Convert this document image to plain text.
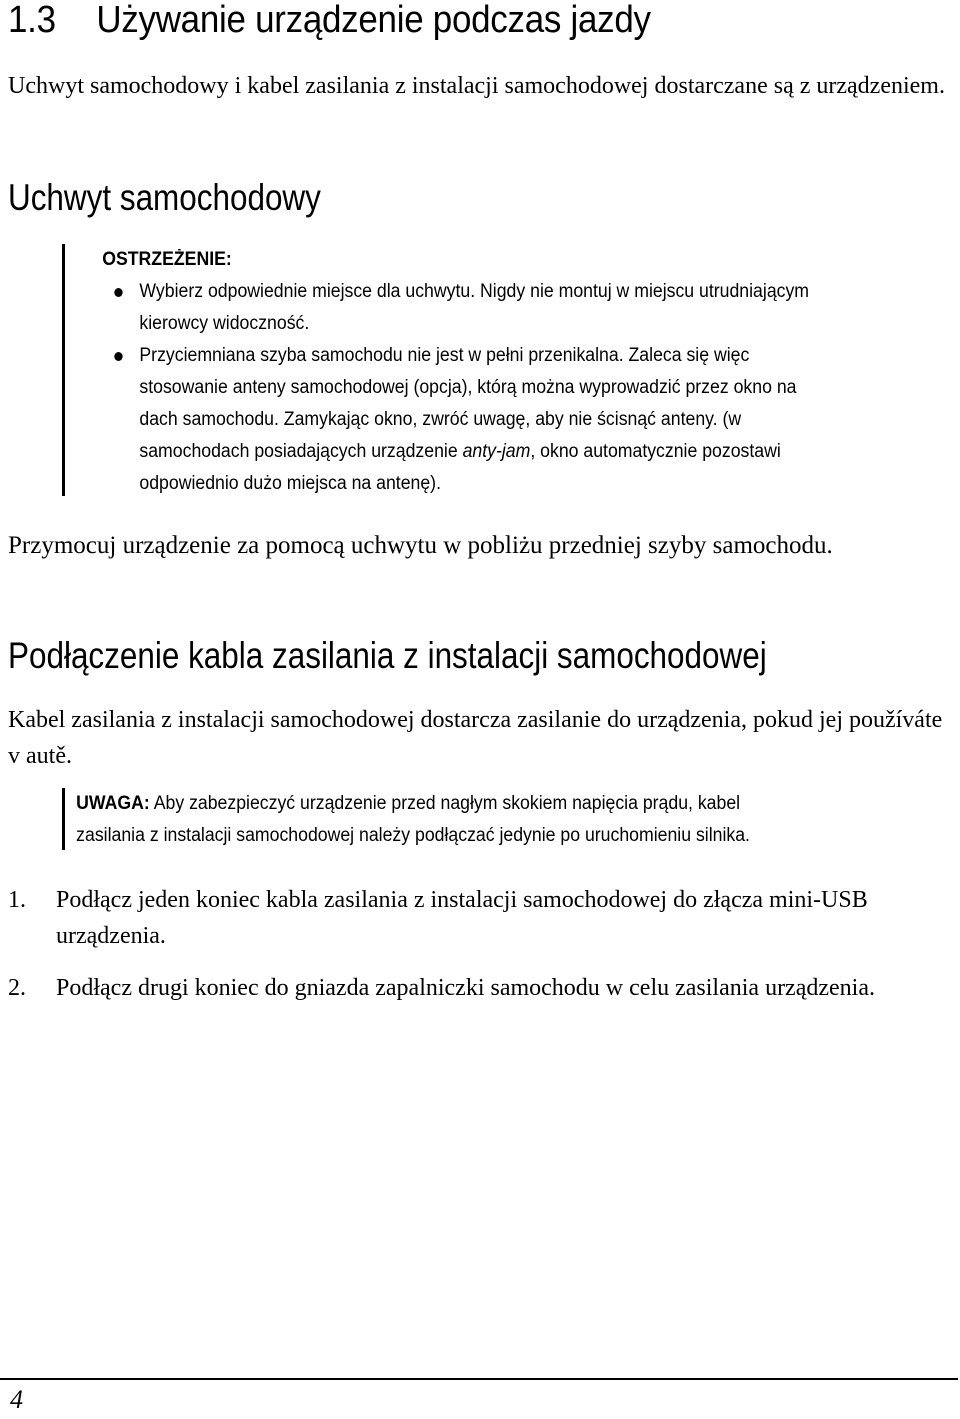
1.3 Używanie urządzenie podczas jazdy

Uchwyt samochodowy i kabel zasilania z instalacji samochodowej dostarczane są z urządzeniem.

Uchwyt samochodowy
OSTRZEŻENIE:
Wybierz odpowiednie miejsce dla uchwytu. Nigdy nie montuj w miejscu utrudniającym
kierowcy widoczność.
Przyciemniana szyba samochodu nie jest w pełni przenikalna. Zaleca się więc
stosowanie anteny samochodowej (opcja), którą można wyprowadzić przez okno na
dach samochodu. Zamykając okno, zwróć uwagę, aby nie ścisnąć anteny. (w
samochodach posiadających urządzenie anty-jam, okno automatycznie pozostawi
odpowiednio dużo miejsca na antenę).

Przymocuj urządzenie za pomocą uchwytu w pobliżu przedniej szyby samochodu.

Podłączenie kabla zasilania z instalacji samochodowej

Kabel zasilania z instalacji samochodowej dostarcza zasilanie do urządzenia, pokud jej používáte v autě.

UWAGA: Aby zabezpieczyć urządzenie przed nagłym skokiem napięcia prądu, kabel
zasilania z instalacji samochodowej należy podłączać jedynie po uruchomieniu silnika.
1. Podłącz jeden koniec kabla zasilania z instalacji samochodowej do złącza mini-USB urządzenia.
2. Podłącz drugi koniec do gniazda zapalniczki samochodu w celu zasilania urządzenia.
4
